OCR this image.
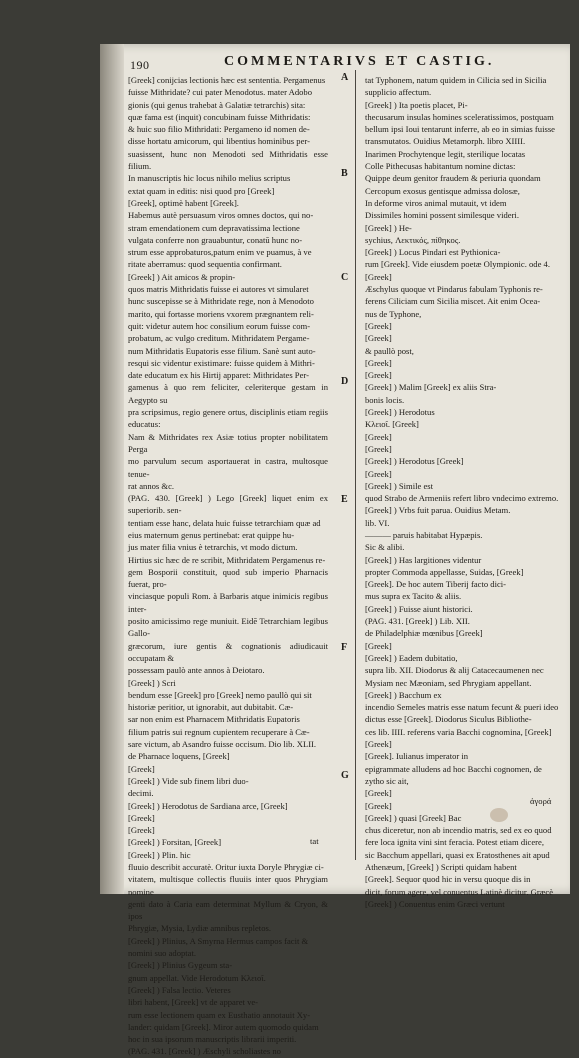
190	COMMENTARIVS ET CASTIG.

[Greek] conijcias lectionis hæc est sententia. Pergamenus

fuisse Mithridate? cui pater Menodotus. mater Adobo

gionis (qui genus trahebat à Galatiæ tetrarchis) sita:

quæ fama est (inquit) concubinam fuisse Mithridatis:

& huic suo filio Mithridati: Pergameno id nomen de-

disse hortatu amicorum, qui libentius hominibus per-

suasissent, hunc non Menodoti sed Mithridatis esse filium.

In manuscriptis hic locus nihilo melius scriptus

extat quam in editis: nisi quod pro [Greek]

[Greek], optimè habent [Greek].

Habemus autè persuasum viros omnes doctos, qui no-

stram emendationem cum depravatissima lectione

vulgata conferre non grauabuntur, conatū hunc no-

strum esse approbaturos,patum enim ve puamus, à ve

ritate aberramus: quod sequentia confirmant.

[Greek] ) Ait amicos & propin-

quos matris Mithridatis fuisse ei autores vt simularet

hunc suscepisse se à Mithridate rege, non à Menodoto

marito, qui fortasse moriens vxorem prægnantem reli-

quit: videtur autem hoc consilium eorum fuisse com-

probatum, ac vulgo creditum. Mithridatem Pergame-

num Mithridatis Eupatoris esse filium. Sanè sunt auto-

resqui sic videntur existimare: fuisse quidem à Mithri-

date educatum ex his Hirtij apparet: Mithridates Per-

gamenus à quo rem feliciter, celeriterque gestam in Aegypto su

pra scripsimus, regio genere ortus, disciplinis etiam regiis educatus:

Nam & Mithridates rex Asiæ totius propter nobilitatem Perga

mo parvulum secum asportauerat in castra, multosque tenue-

rat annos &c.

(PAG. 430. [Greek] ) Lego [Greek] liquet enim ex superiorib. sen-

tentiam esse hanc, delata huic fuisse tetrarchiam quæ ad

eius maternum genus pertinebat: erat quippe hu-

jus mater filia vnius è tetrarchis, vt modo dictum.

Hirtius sic hæc de re scribit, Mithridatem Pergamenus re-

gem Bosporii constituit, quod sub imperio Pharnacis fuerat, pro-

vinciasque populi Rom. à Barbaris atque inimicis regibus inter-

posito amicissimo rege muniuit. Eidē Tetrarchiam legibus Gallo-

græcorum, iure gentis & cognationis adiudicauit occupatam &

possessam paulò ante annos à Deiotaro.

[Greek] ) Scri

bendum esse [Greek] pro [Greek] nemo paullò qui sit

historiæ peritior, ut ignorabit, aut dubitabit. Cæ-

sar non enim est Pharnacem Mithridatis Eupatoris

filium patris sui regnum cupientem recuperare à Cæ-

sare victum, ab Asandro fuisse occisum. Dio lib. XLII.

de Pharnace loquens, [Greek]

[Greek]

[Greek] ) Vide sub finem libri duo-

decimi.

[Greek] ) Herodotus de Sardiana arce, [Greek]

[Greek]

[Greek]

[Greek] ) Forsitan, [Greek]

[Greek] ) Plin. hic

fluuio describit accuratè. Oritur iuxta Doryle Phrygiæ ci-

vitatem, multisque collectis fluuiis inter quos Phrygiam nomine

genti dato à Caria eam determinat Myllum & Cryon, & ipos

Phrygiæ, Mysia, Lydiæ amnibus repletos.

[Greek] ) Plinius, A Smyrna Hermus campos facit &

nomini suo adoptat.

[Greek] ) Plinius Gygeum sta-

gnum appellat. Vide Herodotum Κλειοῖ.

[Greek] ) Falsa lectio. Veteres

libri habent, [Greek] vt de apparet ve-

rum esse lectionem quam ex Eusthatio annotauit Xy-

lander: quidam [Greek]. Miror autem quomodo quidam

hoc in sua ipsorum manuscriptis librarii imperiti.

(PAG. 431. [Greek] ) Æschyli scholiastes no

tat
A
B
C
D
E
F
G

tat Typhonem, natum quidem in Cilicia sed in Sicilia

supplicio affectum.

[Greek] ) Ita poetis placet, Pi-

thecusarum insulas homines sceleratissimos, postquam

bellum ipsi Ioui tentarunt inferre, ab eo in simias fuisse

transmutatos. Ouidius Metamorph. libro XIIII.

Inarimen Prochytenque legit, sterilique locatas

Colle Pithecusas habitantum nomine dictas:

Quippe deum genitor fraudem & periuria quondam

Cercopum exosus gentisque admissa dolosæ,

In deforme viros animal mutauit, vt idem

Dissimiles homini possent similesque videri.

[Greek] ) He-

sychius, Λεκτικός, πίθηκος.

[Greek] ) Locus Pindari est Pythionica-

rum [Greek]. Vide eiusdem poetæ Olympionic. ode 4.

[Greek]

Æschylus quoque vt Pindarus fabulam Typhonis re-

ferens Ciliciam cum Sicilia miscet. Ait enim Ocea-

nus de Typhone,

[Greek]

[Greek]

& paullò post,

[Greek]

[Greek]

[Greek] ) Malim [Greek] ex aliis Stra-

bonis locis.

[Greek] ) Herodotus

Κλειοῖ. [Greek]

[Greek]

[Greek]

[Greek] ) Herodotus [Greek]

[Greek]

[Greek] ) Simile est

quod Strabo de Armeniis refert libro vndecimo extremo.

[Greek] ) Vrbs fuit parua. Ouidius Metam.

lib. VI.

——— paruis habitabat Hypæpis.

Sic & alibi.

[Greek] ) Has largitiones videntur

propter Commoda appellasse, Suidas, [Greek]

[Greek]. De hoc autem Tiberij facto dici-

mus supra ex Tacito & aliis.

[Greek] ) Fuisse aiunt historici.

(PAG. 431. [Greek] ) Lib. XII.

de Philadelphiæ mœnibus [Greek]

[Greek]

[Greek] ) Eadem dubitatio,

supra lib. XII. Diodorus & alij Catacecaumenen nec

Mysiam nec Mæoniam, sed Phrygiam appellant.

[Greek] ) Bacchum ex

incendio Semeles matris esse natum fecunt & pueri ideo

dictus esse [Greek]. Diodorus Siculus Bibliothe-

ces lib. IIII. referens varia Bacchi cognomina, [Greek]

[Greek]

[Greek]. Iulianus imperator in

epigrammate alludens ad hoc Bacchi cognomen, de

zytho sic ait,

[Greek]

[Greek]

[Greek] ) quasi [Greek] Bac

chus diceretur, non ab incendio matris, sed ex eo quod

fere loca ignita vini sint feracia. Potest etiam dicere,

sic Bacchum appellari, quasi ex Eratosthenes ait apud

Athenæum, [Greek] ) Scripti quidam habent

[Greek]. Sequor quod hic in versu quoque dis in

dicit, forum agere, vel conuentus Latinè dicitur. Græcè

[Greek] ) Conuentus enim Græci vertunt

ἀγορά
